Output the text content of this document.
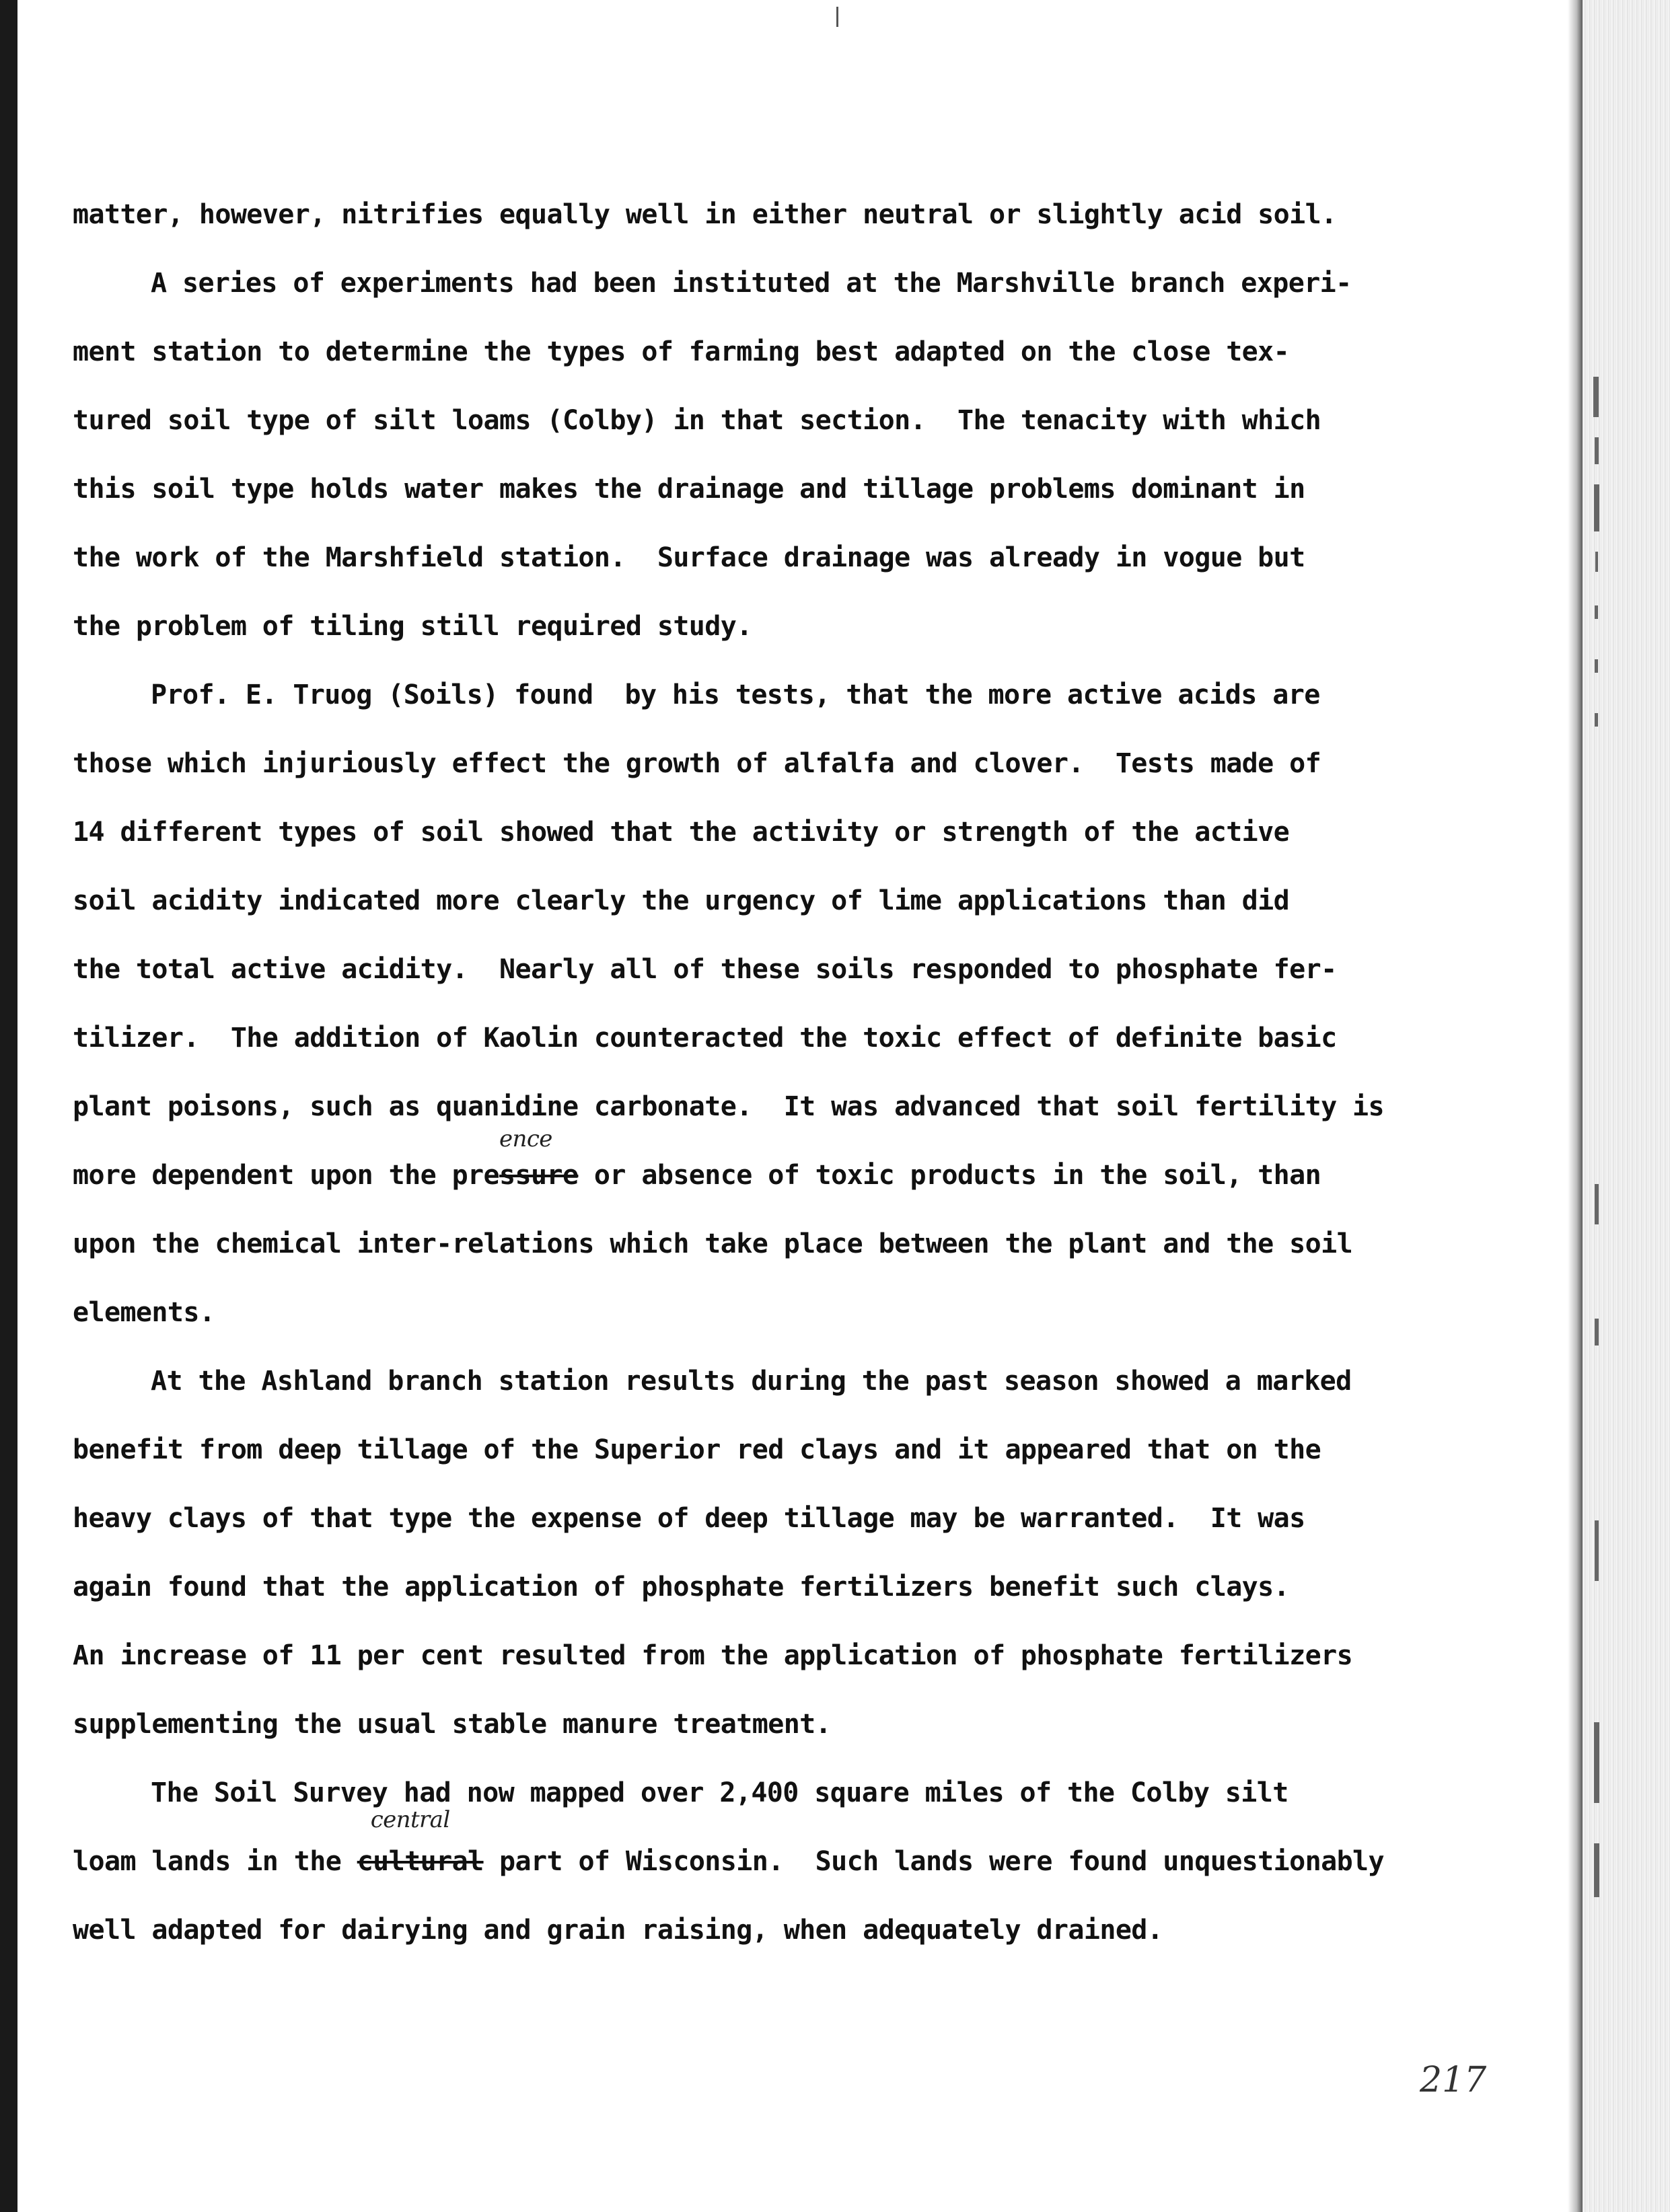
matter, however, nitrifies equally well in either neutral or slightly acid soil.
A series of experiments had been instituted at the Marshville branch experi-
ment station to determine the types of farming best adapted on the close tex-
tured soil type of silt loams (Colby) in that section.  The tenacity with which
this soil type holds water makes the drainage and tillage problems dominant in
the work of the Marshfield station.  Surface drainage was already in vogue but
the problem of tiling still required study.
Prof. E. Truog (Soils) found  by his tests, that the more active acids are
those which injuriously effect the growth of alfalfa and clover.  Tests made of
14 different types of soil showed that the activity or strength of the active
soil acidity indicated more clearly the urgency of lime applications than did
the total active acidity.  Nearly all of these soils responded to phosphate fer-
tilizer.  The addition of Kaolin counteracted the toxic effect of definite basic
plant poisons, such as quanidine carbonate.  It was advanced that soil fertility is
more dependent upon the pre
ence
ssure or absence of toxic products in the soil, than
upon the chemical inter-relations which take place between the plant and the soil
elements.
At the Ashland branch station results during the past season showed a marked
benefit from deep tillage of the Superior red clays and it appeared that on the
heavy clays of that type the expense of deep tillage may be warranted.  It was
again found that the application of phosphate fertilizers benefit such clays.
An increase of 11 per cent resulted from the application of phosphate fertilizers
supplementing the usual stable manure treatment.
The Soil Survey had now mapped over 2,400 square miles of the Colby silt
loam lands in the
central
cultural part of Wisconsin.  Such lands were found unquestionably
well adapted for dairying and grain raising, when adequately drained.
217
